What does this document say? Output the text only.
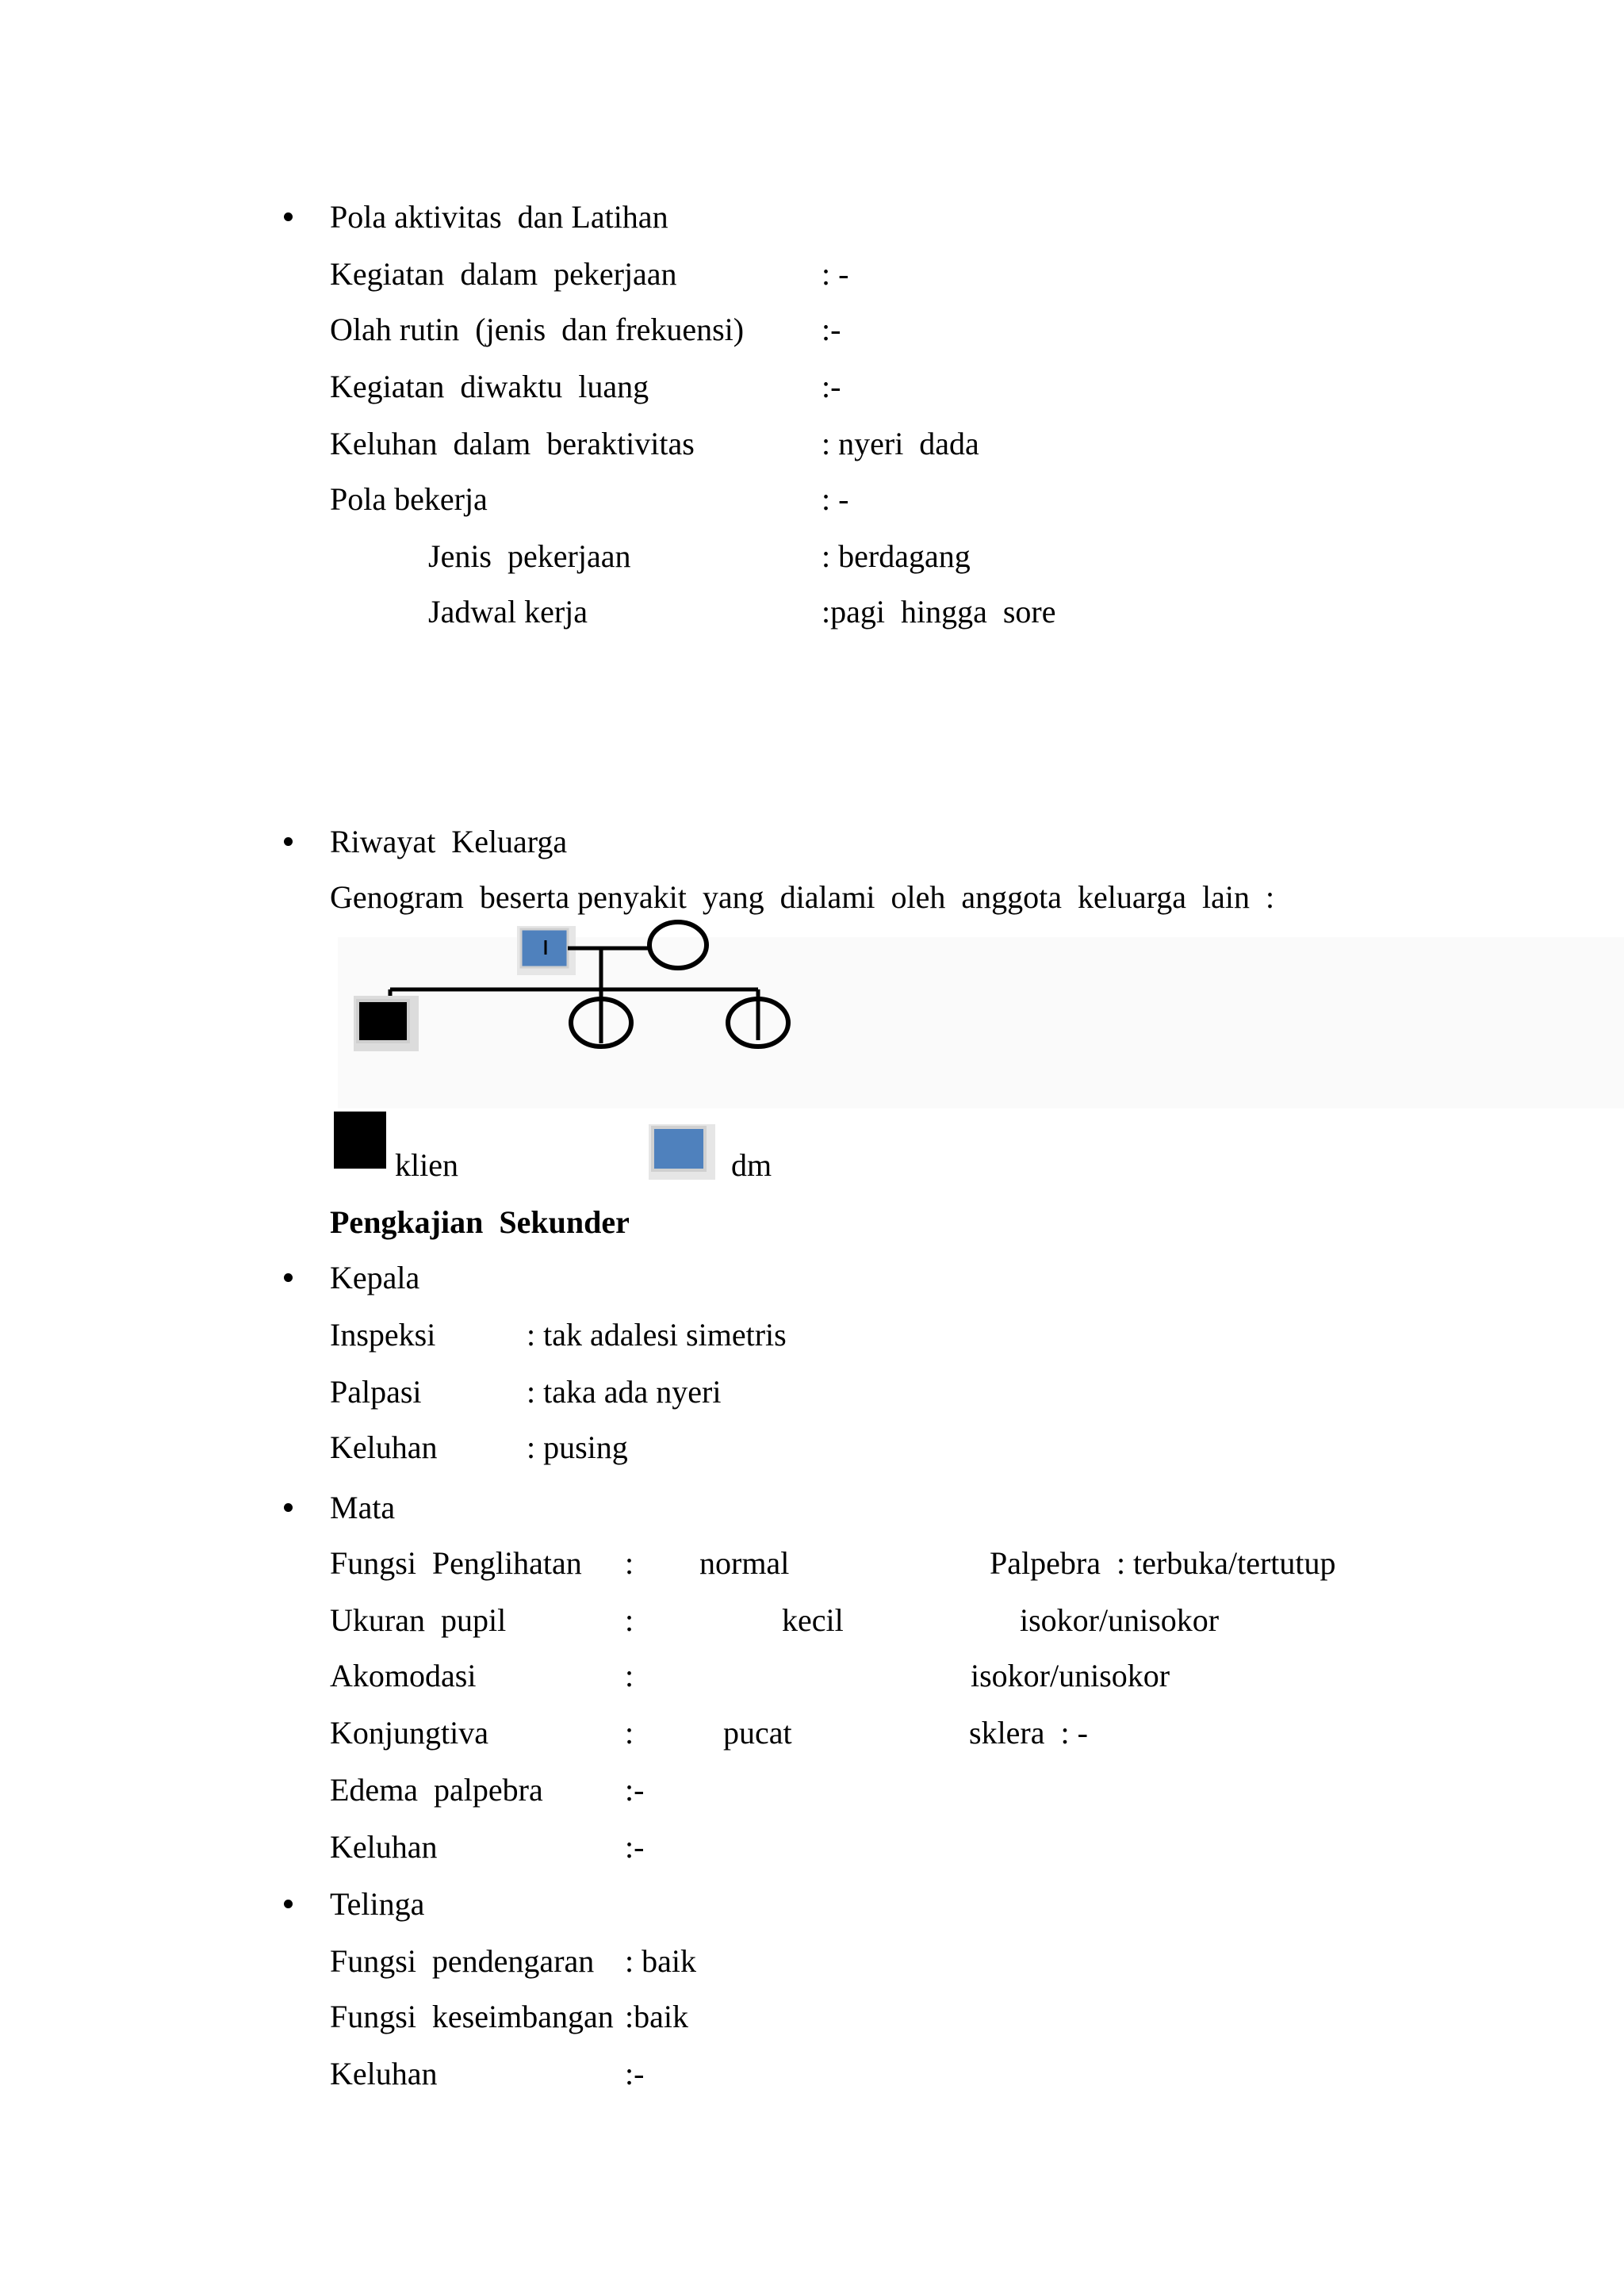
Pola aktivitas  dan Latihan
Kegiatan  dalam  pekerjaan	: -
Olah rutin  (jenis  dan frekuensi) :-
Kegiatan  diwaktu  luang	:-
Keluhan  dalam  beraktivitas	: nyeri  dada
Pola bekerja	: -
Jenis  pekerjaan	: berdagang
Jadwal kerja	:pagi  hingga  sore
Riwayat  Keluarga
Genogram  beserta penyakit  yang  dialami  oleh  anggota  keluarga  lain  :
klien	dm
Pengkajian  Sekunder
Kepala
Inspeksi	: tak adalesi simetris
Palpasi	: taka ada nyeri
Keluhan	: pusing
Mata
Fungsi  Penglihatan : normal	Palpebra  : terbuka/tertutup
Ukuran  pupil	:	kecil	isokor/unisokor
Akomodasi	:	isokor/unisokor
Konjungtiva	:	pucat	sklera  : -
Edema  palpebra	:-
Keluhan	:-
Telinga
Fungsi  pendengaran : baik
Fungsi  keseimbangan :baik
Keluhan	:-
